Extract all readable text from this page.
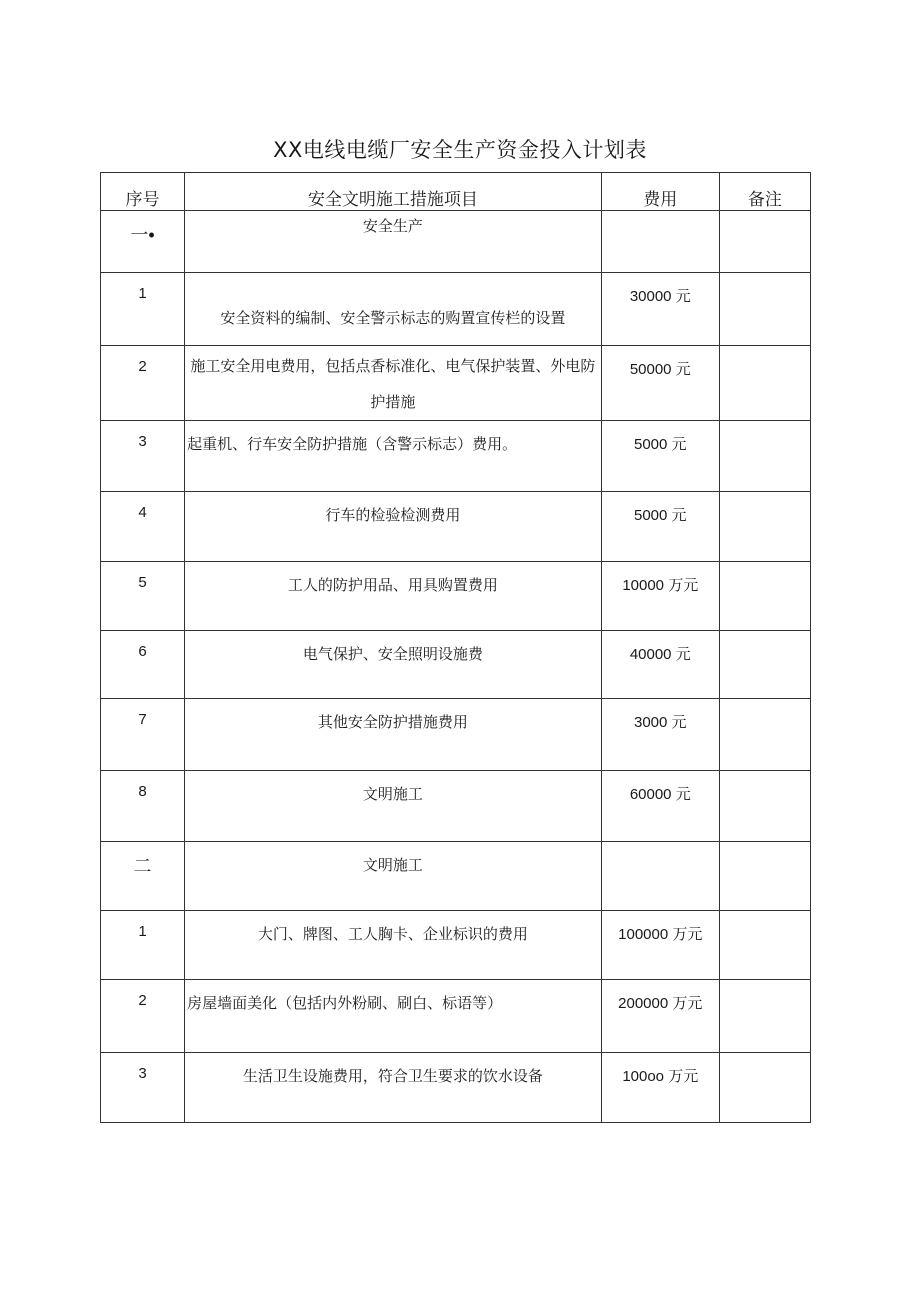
XX电线电缆厂安全生产资金投入计划表
序号	安全文明施工措施项目	费用	备注
一•	安全生产		
1	安全资料的编制、安全警示标志的购置宣传栏的设置	30000 元	
2	施工安全用电费用，包括点香标准化、电气保护装置、外电防护措施	50000 元	
3	起重机、行车安全防护措施（含警示标志）费用。	5000 元	
4	行车的检验检测费用	5000 元	
5	工人的防护用品、用具购置费用	10000 万元	
6	电气保护、安全照明设施费	40000 元	
7	其他安全防护措施费用	3000 元	
8	文明施工	60000 元	
二	文明施工		
1	大门、牌图、工人胸卡、企业标识的费用	100000 万元	
2	房屋墙面美化（包括内外粉刷、刷白、标语等）	200000 万元	
3	生活卫生设施费用，符合卫生要求的饮水设备	100oo 万元	
